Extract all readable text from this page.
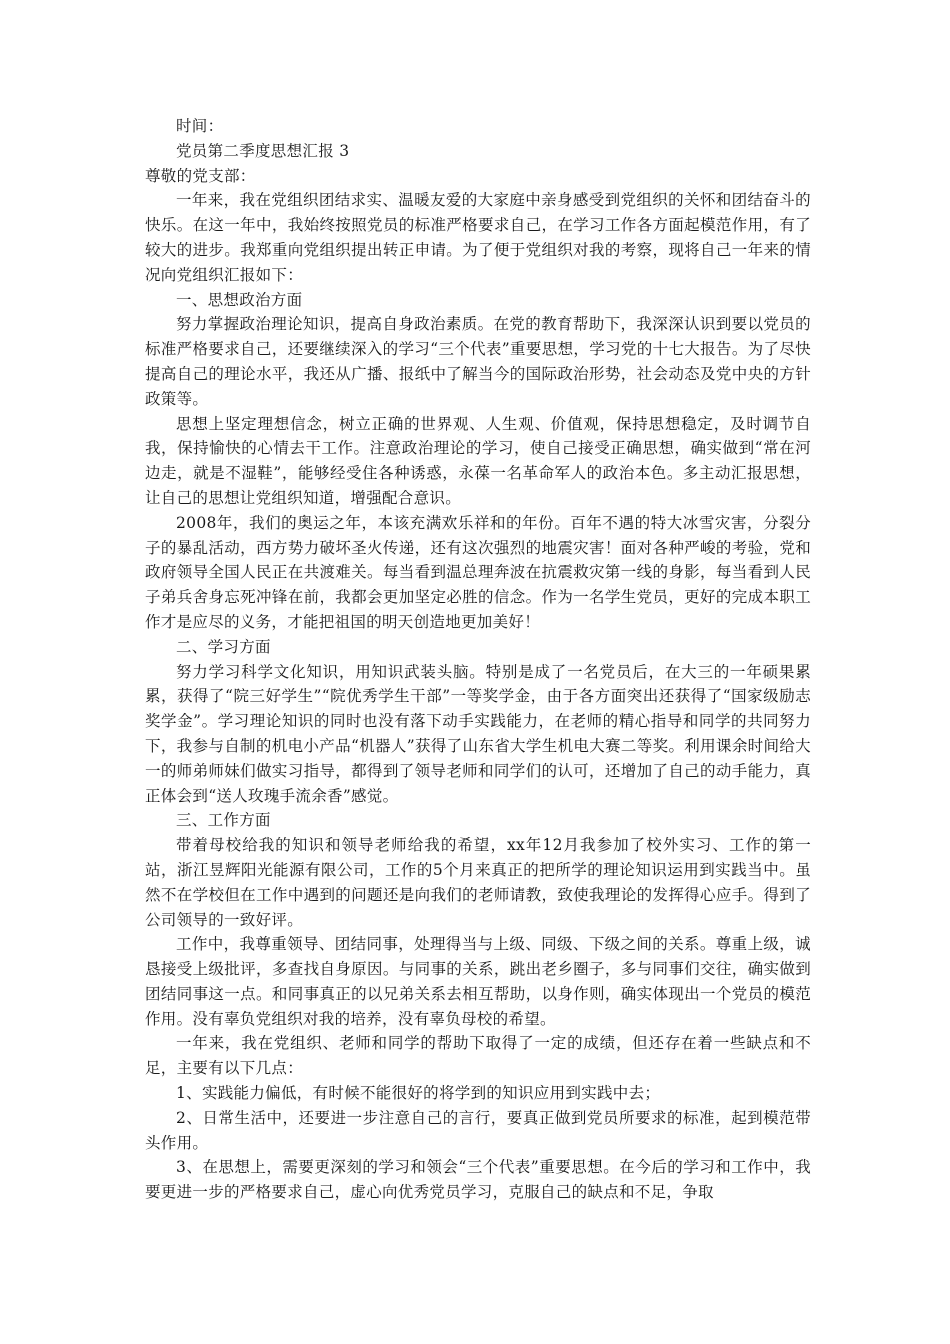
时间：

党员第二季度思想汇报 3

尊敬的党支部：

一年来，我在党组织团结求实、温暖友爱的大家庭中亲身感受到党组织的关怀和团结奋斗的快乐。在这一年中，我始终按照党员的标准严格要求自己，在学习工作各方面起模范作用，有了较大的进步。我郑重向党组织提出转正申请。为了便于党组织对我的考察，现将自己一年来的情况向党组织汇报如下：

一、思想政治方面

努力掌握政治理论知识，提高自身政治素质。在党的教育帮助下，我深深认识到要以党员的标准严格要求自己，还要继续深入的学习“三个代表”重要思想，学习党的十七大报告。为了尽快提高自己的理论水平，我还从广播、报纸中了解当今的国际政治形势，社会动态及党中央的方针政策等。

思想上坚定理想信念，树立正确的世界观、人生观、价值观，保持思想稳定，及时调节自我，保持愉快的心情去干工作。注意政治理论的学习，使自己接受正确思想，确实做到“常在河边走，就是不湿鞋”，能够经受住各种诱惑，永葆一名革命军人的政治本色。多主动汇报思想，让自己的思想让党组织知道，增强配合意识。

2008年，我们的奥运之年，本该充满欢乐祥和的年份。百年不遇的特大冰雪灾害，分裂分子的暴乱活动，西方势力破坏圣火传递，还有这次强烈的地震灾害！面对各种严峻的考验，党和政府领导全国人民正在共渡难关。每当看到温总理奔波在抗震救灾第一线的身影，每当看到人民子弟兵舍身忘死冲锋在前，我都会更加坚定必胜的信念。作为一名学生党员，更好的完成本职工作才是应尽的义务，才能把祖国的明天创造地更加美好！

二、学习方面

努力学习科学文化知识，用知识武装头脑。特别是成了一名党员后，在大三的一年硕果累累，获得了“院三好学生”“院优秀学生干部”一等奖学金，由于各方面突出还获得了“国家级励志奖学金”。学习理论知识的同时也没有落下动手实践能力，在老师的精心指导和同学的共同努力下，我参与自制的机电小产品“机器人”获得了山东省大学生机电大赛二等奖。利用课余时间给大一的师弟师妹们做实习指导，都得到了领导老师和同学们的认可，还增加了自己的动手能力，真正体会到“送人玫瑰手流余香”感觉。

三、工作方面

带着母校给我的知识和领导老师给我的希望，xx年12月我参加了校外实习、工作的第一站，浙江昱辉阳光能源有限公司，工作的5个月来真正的把所学的理论知识运用到实践当中。虽然不在学校但在工作中遇到的问题还是向我们的老师请教，致使我理论的发挥得心应手。得到了公司领导的一致好评。

工作中，我尊重领导、团结同事，处理得当与上级、同级、下级之间的关系。尊重上级，诚恳接受上级批评，多查找自身原因。与同事的关系，跳出老乡圈子，多与同事们交往，确实做到团结同事这一点。和同事真正的以兄弟关系去相互帮助，以身作则，确实体现出一个党员的模范作用。没有辜负党组织对我的培养，没有辜负母校的希望。

一年来，我在党组织、老师和同学的帮助下取得了一定的成绩，但还存在着一些缺点和不足，主要有以下几点：

1、实践能力偏低，有时候不能很好的将学到的知识应用到实践中去；

2、日常生活中，还要进一步注意自己的言行，要真正做到党员所要求的标准，起到模范带头作用。

3、在思想上，需要更深刻的学习和领会“三个代表”重要思想。在今后的学习和工作中，我要更进一步的严格要求自己，虚心向优秀党员学习，克服自己的缺点和不足，争取
